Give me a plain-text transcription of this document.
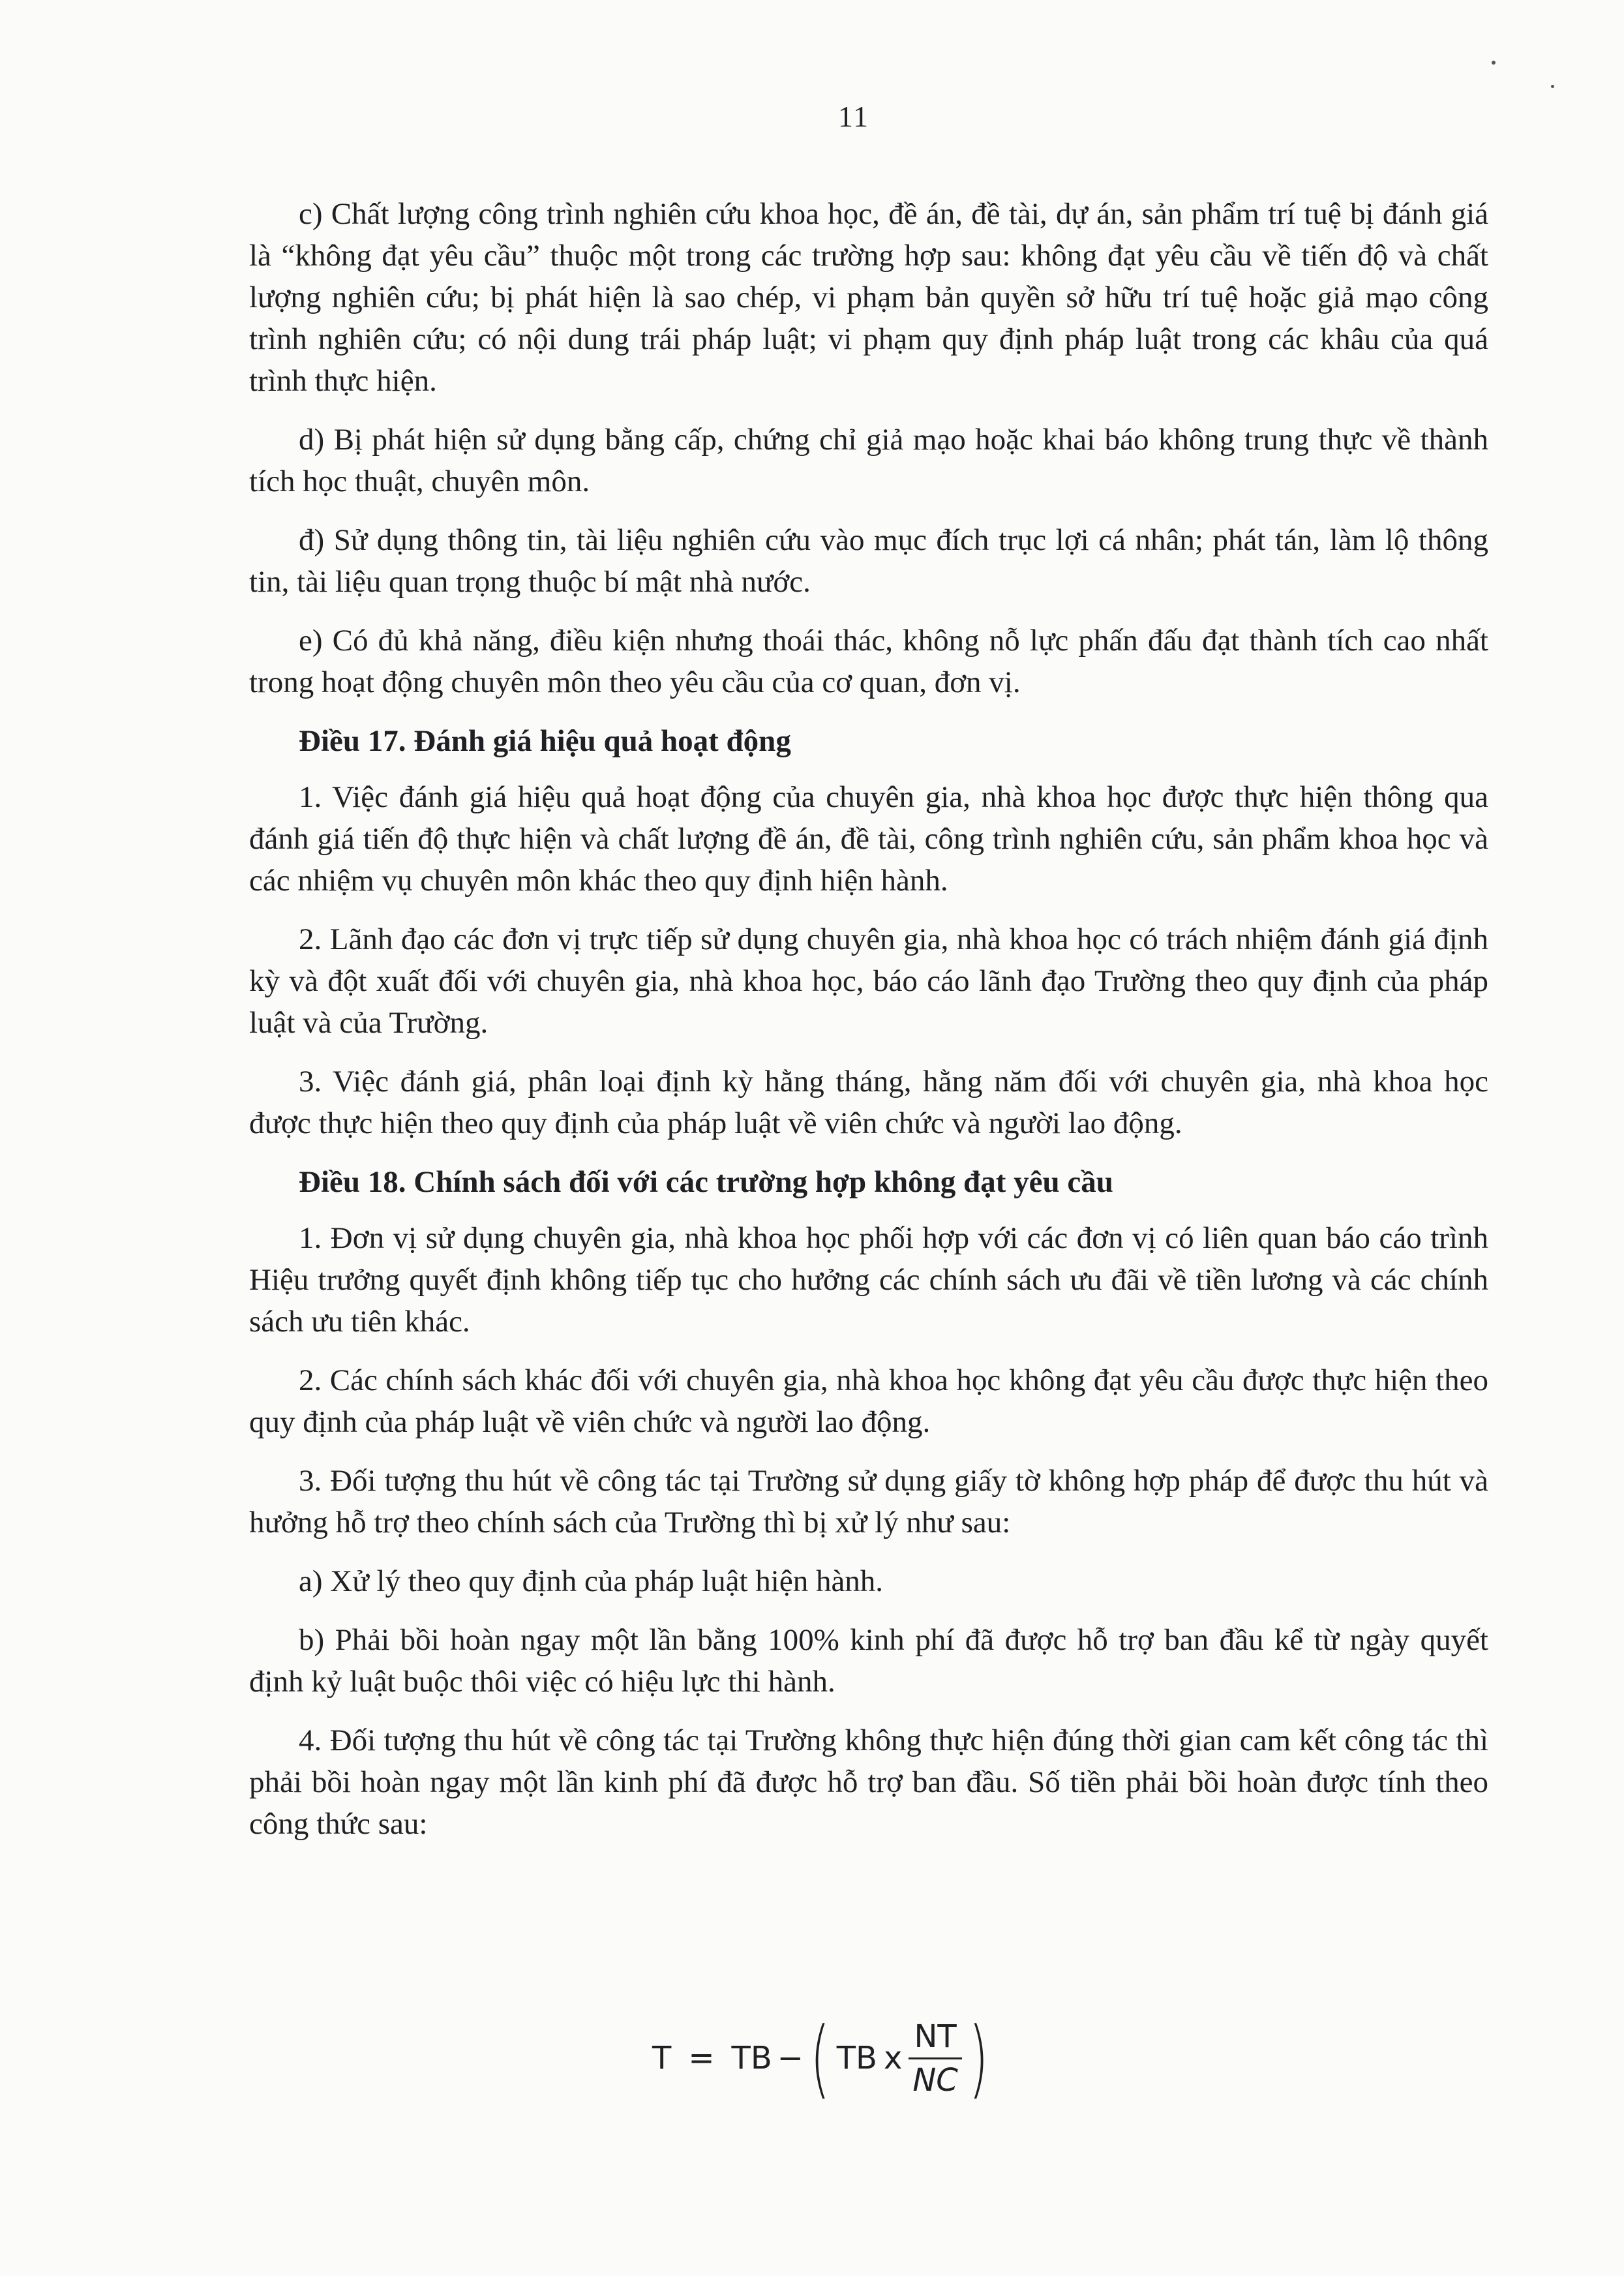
11

c) Chất lượng công trình nghiên cứu khoa học, đề án, đề tài, dự án, sản phẩm trí tuệ bị đánh giá là “không đạt yêu cầu” thuộc một trong các trường hợp sau: không đạt yêu cầu về tiến độ và chất lượng nghiên cứu; bị phát hiện là sao chép, vi phạm bản quyền sở hữu trí tuệ hoặc giả mạo công trình nghiên cứu; có nội dung trái pháp luật; vi phạm quy định pháp luật trong các khâu của quá trình thực hiện.

d) Bị phát hiện sử dụng bằng cấp, chứng chỉ giả mạo hoặc khai báo không trung thực về thành tích học thuật, chuyên môn.

đ) Sử dụng thông tin, tài liệu nghiên cứu vào mục đích trục lợi cá nhân; phát tán, làm lộ thông tin, tài liệu quan trọng thuộc bí mật nhà nước.

e) Có đủ khả năng, điều kiện nhưng thoái thác, không nỗ lực phấn đấu đạt thành tích cao nhất trong hoạt động chuyên môn theo yêu cầu của cơ quan, đơn vị.

Điều 17. Đánh giá hiệu quả hoạt động

1. Việc đánh giá hiệu quả hoạt động của chuyên gia, nhà khoa học được thực hiện thông qua đánh giá tiến độ thực hiện và chất lượng đề án, đề tài, công trình nghiên cứu, sản phẩm khoa học và các nhiệm vụ chuyên môn khác theo quy định hiện hành.

2. Lãnh đạo các đơn vị trực tiếp sử dụng chuyên gia, nhà khoa học có trách nhiệm đánh giá định kỳ và đột xuất đối với chuyên gia, nhà khoa học, báo cáo lãnh đạo Trường theo quy định của pháp luật và của Trường.

3. Việc đánh giá, phân loại định kỳ hằng tháng, hằng năm đối với chuyên gia, nhà khoa học được thực hiện theo quy định của pháp luật về viên chức và người lao động.

Điều 18. Chính sách đối với các trường hợp không đạt yêu cầu

1. Đơn vị sử dụng chuyên gia, nhà khoa học phối hợp với các đơn vị có liên quan báo cáo trình Hiệu trưởng quyết định không tiếp tục cho hưởng các chính sách ưu đãi về tiền lương và các chính sách ưu tiên khác.

2. Các chính sách khác đối với chuyên gia, nhà khoa học không đạt yêu cầu được thực hiện theo quy định của pháp luật về viên chức và người lao động.

3. Đối tượng thu hút về công tác tại Trường sử dụng giấy tờ không hợp pháp để được thu hút và hưởng hỗ trợ theo chính sách của Trường thì bị xử lý như sau:

a) Xử lý theo quy định của pháp luật hiện hành.

b) Phải bồi hoàn ngay một lần bằng 100% kinh phí đã được hỗ trợ ban đầu kể từ ngày quyết định kỷ luật buộc thôi việc có hiệu lực thi hành.

4. Đối tượng thu hút về công tác tại Trường không thực hiện đúng thời gian cam kết công tác thì phải bồi hoàn ngay một lần kinh phí đã được hỗ trợ ban đầu. Số tiền phải bồi hoàn được tính theo công thức sau:

T = TB − ( TB x $\frac{NT}{NC}$ )
